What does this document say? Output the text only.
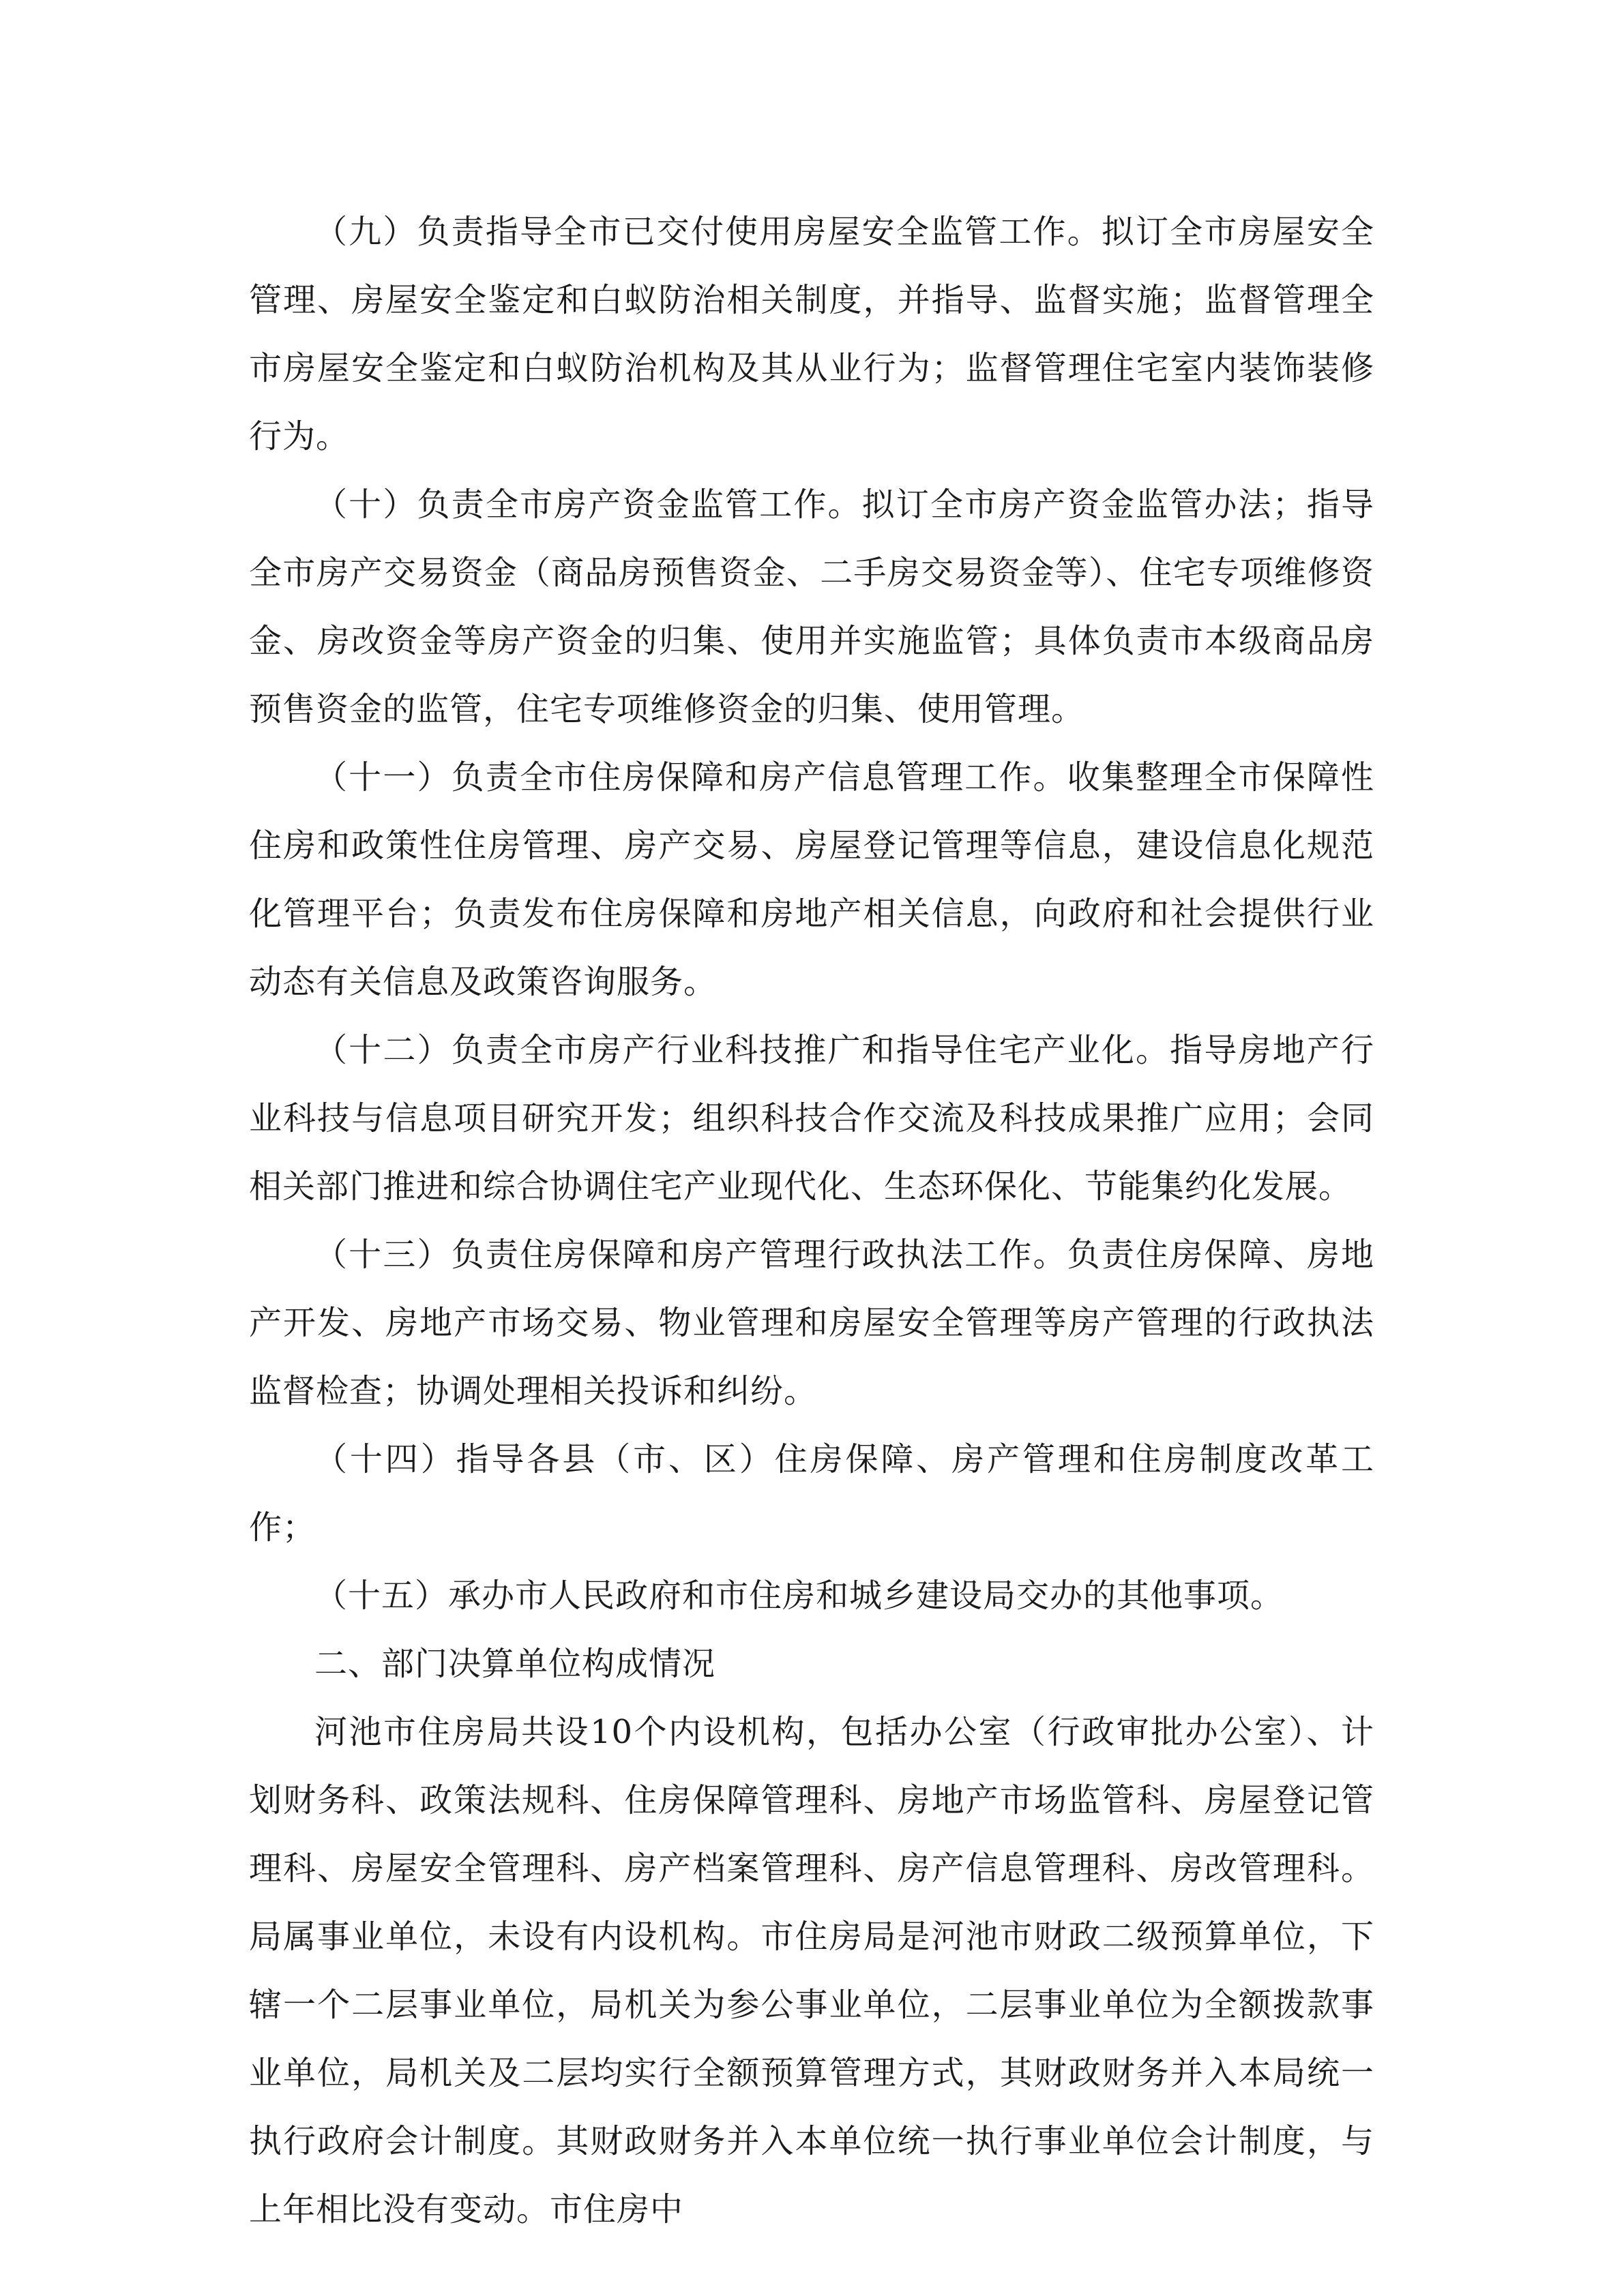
（九）负责指导全市已交付使用房屋安全监管工作。拟订全市房屋安全管理、房屋安全鉴定和白蚁防治相关制度，并指导、监督实施；监督管理全市房屋安全鉴定和白蚁防治机构及其从业行为；监督管理住宅室内装饰装修行为。

（十）负责全市房产资金监管工作。拟订全市房产资金监管办法；指导全市房产交易资金（商品房预售资金、二手房交易资金等）、住宅专项维修资金、房改资金等房产资金的归集、使用并实施监管；具体负责市本级商品房预售资金的监管，住宅专项维修资金的归集、使用管理。

（十一）负责全市住房保障和房产信息管理工作。收集整理全市保障性住房和政策性住房管理、房产交易、房屋登记管理等信息，建设信息化规范化管理平台；负责发布住房保障和房地产相关信息，向政府和社会提供行业动态有关信息及政策咨询服务。

（十二）负责全市房产行业科技推广和指导住宅产业化。指导房地产行业科技与信息项目研究开发；组织科技合作交流及科技成果推广应用；会同相关部门推进和综合协调住宅产业现代化、生态环保化、节能集约化发展。

（十三）负责住房保障和房产管理行政执法工作。负责住房保障、房地产开发、房地产市场交易、物业管理和房屋安全管理等房产管理的行政执法监督检查；协调处理相关投诉和纠纷。

（十四）指导各县（市、区）住房保障、房产管理和住房制度改革工作；

（十五）承办市人民政府和市住房和城乡建设局交办的其他事项。

二、部门决算单位构成情况

河池市住房局共设10个内设机构，包括办公室（行政审批办公室）、计划财务科、政策法规科、住房保障管理科、房地产市场监管科、房屋登记管理科、房屋安全管理科、房产档案管理科、房产信息管理科、房改管理科。局属事业单位，未设有内设机构。市住房局是河池市财政二级预算单位，下辖一个二层事业单位，局机关为参公事业单位，二层事业单位为全额拨款事业单位，局机关及二层均实行全额预算管理方式，其财政财务并入本局统一执行政府会计制度。其财政财务并入本单位统一执行事业单位会计制度，与上年相比没有变动。市住房中
